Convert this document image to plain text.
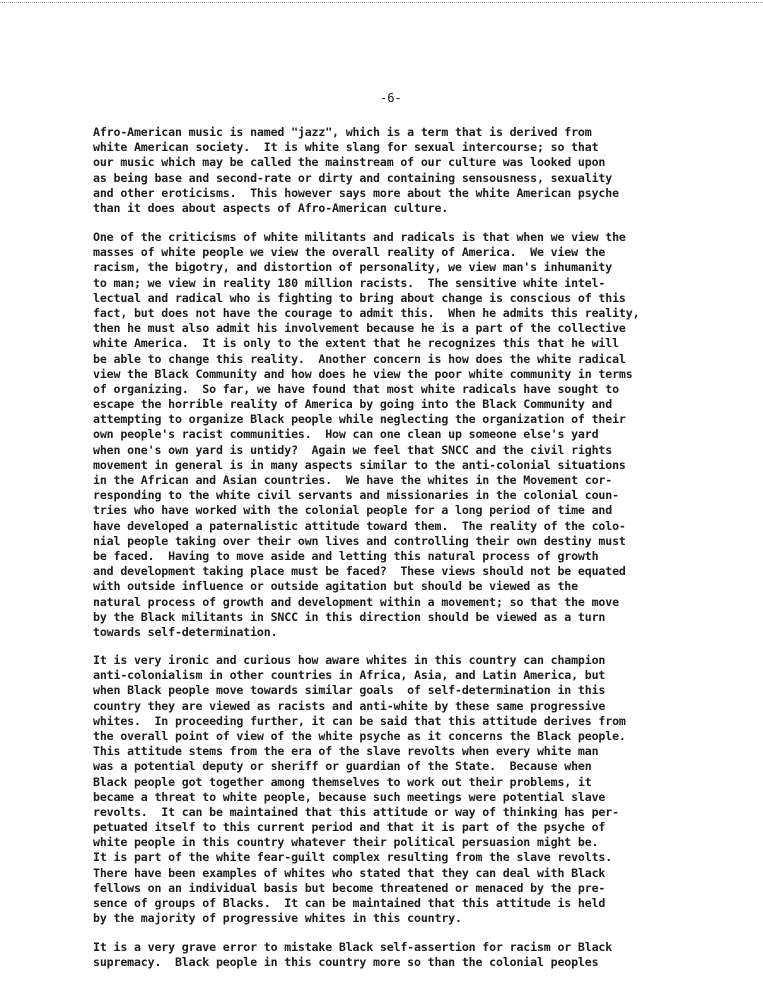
-6-
Afro-American music is named "jazz", which is a term that is derived from
white American society.  It is white slang for sexual intercourse; so that
our music which may be called the mainstream of our culture was looked upon
as being base and second-rate or dirty and containing sensousness, sexuality
and other eroticisms.  This however says more about the white American psyche
than it does about aspects of Afro-American culture.
One of the criticisms of white militants and radicals is that when we view the
masses of white people we view the overall reality of America.  We view the
racism, the bigotry, and distortion of personality, we view man's inhumanity
to man; we view in reality 180 million racists.  The sensitive white intel-
lectual and radical who is fighting to bring about change is conscious of this
fact, but does not have the courage to admit this.  When he admits this reality,
then he must also admit his involvement because he is a part of the collective
white America.  It is only to the extent that he recognizes this that he will
be able to change this reality.  Another concern is how does the white radical
view the Black Community and how does he view the poor white community in terms
of organizing.  So far, we have found that most white radicals have sought to
escape the horrible reality of America by going into the Black Community and
attempting to organize Black people while neglecting the organization of their
own people's racist communities.  How can one clean up someone else's yard
when one's own yard is untidy?  Again we feel that SNCC and the civil rights
movement in general is in many aspects similar to the anti-colonial situations
in the African and Asian countries.  We have the whites in the Movement cor-
responding to the white civil servants and missionaries in the colonial coun-
tries who have worked with the colonial people for a long period of time and
have developed a paternalistic attitude toward them.  The reality of the colo-
nial people taking over their own lives and controlling their own destiny must
be faced.  Having to move aside and letting this natural process of growth
and development taking place must be faced?  These views should not be equated
with outside influence or outside agitation but should be viewed as the
natural process of growth and development within a movement; so that the move
by the Black militants in SNCC in this direction should be viewed as a turn
towards self-determination.
It is very ironic and curious how aware whites in this country can champion
anti-colonialism in other countries in Africa, Asia, and Latin America, but
when Black people move towards similar goals  of self-determination in this
country they are viewed as racists and anti-white by these same progressive
whites.  In proceeding further, it can be said that this attitude derives from
the overall point of view of the white psyche as it concerns the Black people.
This attitude stems from the era of the slave revolts when every white man
was a potential deputy or sheriff or guardian of the State.  Because when
Black people got together among themselves to work out their problems, it
became a threat to white people, because such meetings were potential slave
revolts.  It can be maintained that this attitude or way of thinking has per-
petuated itself to this current period and that it is part of the psyche of
white people in this country whatever their political persuasion might be.
It is part of the white fear-guilt complex resulting from the slave revolts.
There have been examples of whites who stated that they can deal with Black
fellows on an individual basis but become threatened or menaced by the pre-
sence of groups of Blacks.  It can be maintained that this attitude is held
by the majority of progressive whites in this country.
It is a very grave error to mistake Black self-assertion for racism or Black
supremacy.  Black people in this country more so than the colonial peoples
